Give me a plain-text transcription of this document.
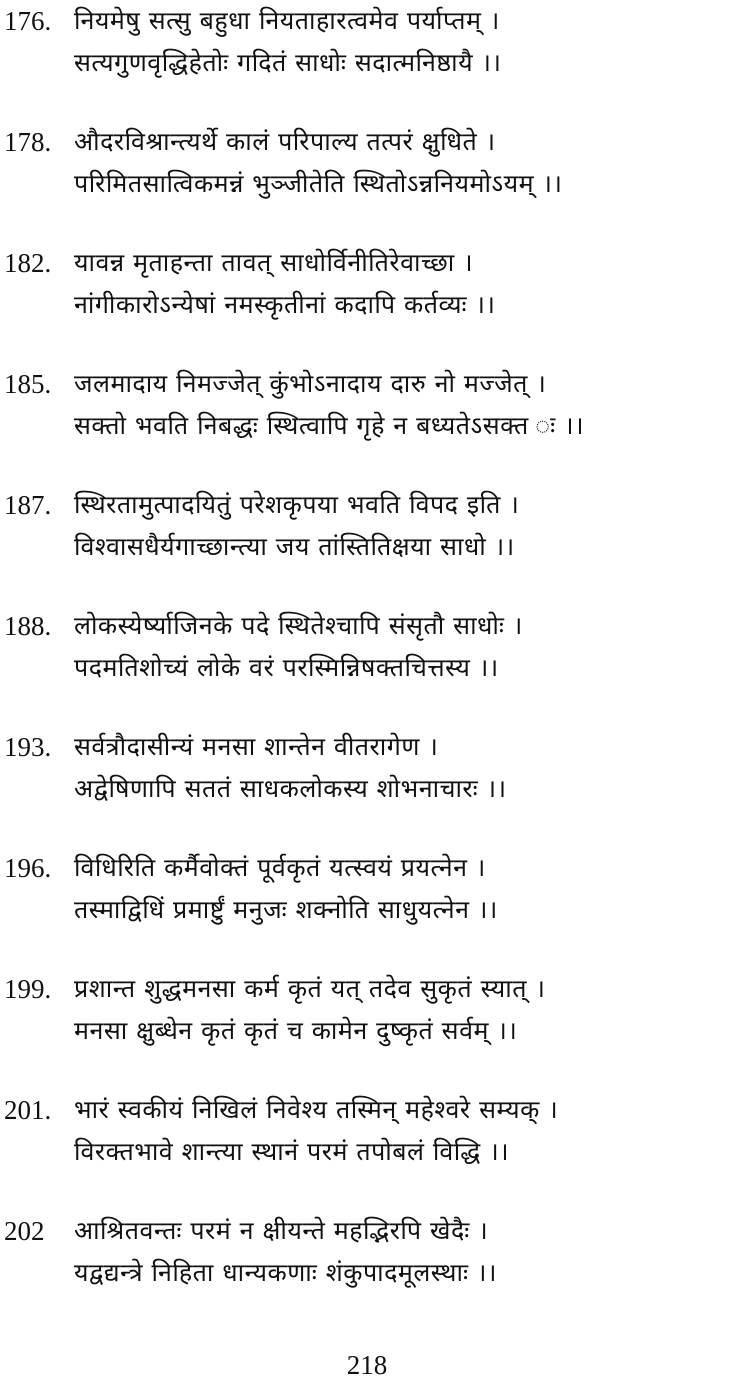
176. नियमेषु सत्सु बहुधा नियताहारत्वमेव पर्याप्तम् ।
सत्यगुणवृद्धिहेतोः गदितं साधोः सदात्मनिष्ठायै ।।
178. औदरविश्रान्त्यर्थे कालं परिपाल्य तत्परं क्षुधिते ।
परिमितसात्विकमन्नं भुञ्जीतेति स्थितोऽन्ननियमोऽयम् ।।
182. यावन्न मृताहन्ता तावत् साधोर्विनीतिरेवाच्छा ।
नांगीकारोऽन्येषां नमस्कृतीनां कदापि कर्तव्यः ।।
185. जलमादाय निमज्जेत् कुंभोऽनादाय दारु नो मज्जेत् ।
सक्तो भवति निबद्धः स्थित्वापि गृहे न बध्यतेऽसक्त ः ।।
187. स्थिरतामुत्पादयितुं परेशकृपया भवति विपद इति ।
विश्वासधैर्यगाच्छान्त्या जय तांस्तितिक्षया साधो ।।
188. लोकस्येर्ष्याजिनके पदे स्थितेश्चापि संसृतौ साधोः ।
पदमतिशोच्यं लोके वरं परस्मिन्निषक्तचित्तस्य ।।
193. सर्वत्रौदासीन्यं मनसा शान्तेन वीतरागेण ।
अद्वेषिणापि सततं साधकलोकस्य शोभनाचारः ।।
196. विधिरिति कर्मैवोक्तं पूर्वकृतं यत्स्वयं प्रयत्नेन ।
तस्माद्विधिं प्रमार्ष्टुं मनुजः शक्नोति साधुयत्नेन ।।
199. प्रशान्त शुद्धमनसा कर्म कृतं यत् तदेव सुकृतं स्यात् ।
मनसा क्षुब्धेन कृतं कृतं च कामेन दुष्कृतं सर्वम् ।।
201. भारं स्वकीयं निखिलं निवेश्य तस्मिन् महेश्वरे सम्यक् ।
विरक्तभावे शान्त्या स्थानं परमं तपोबलं विद्धि ।।
202 आश्रितवन्तः परमं न क्षीयन्ते महद्भिरपि खेदैः ।
यद्वद्यन्त्रे निहिता धान्यकणाः शंकुपादमूलस्थाः ।।
218
